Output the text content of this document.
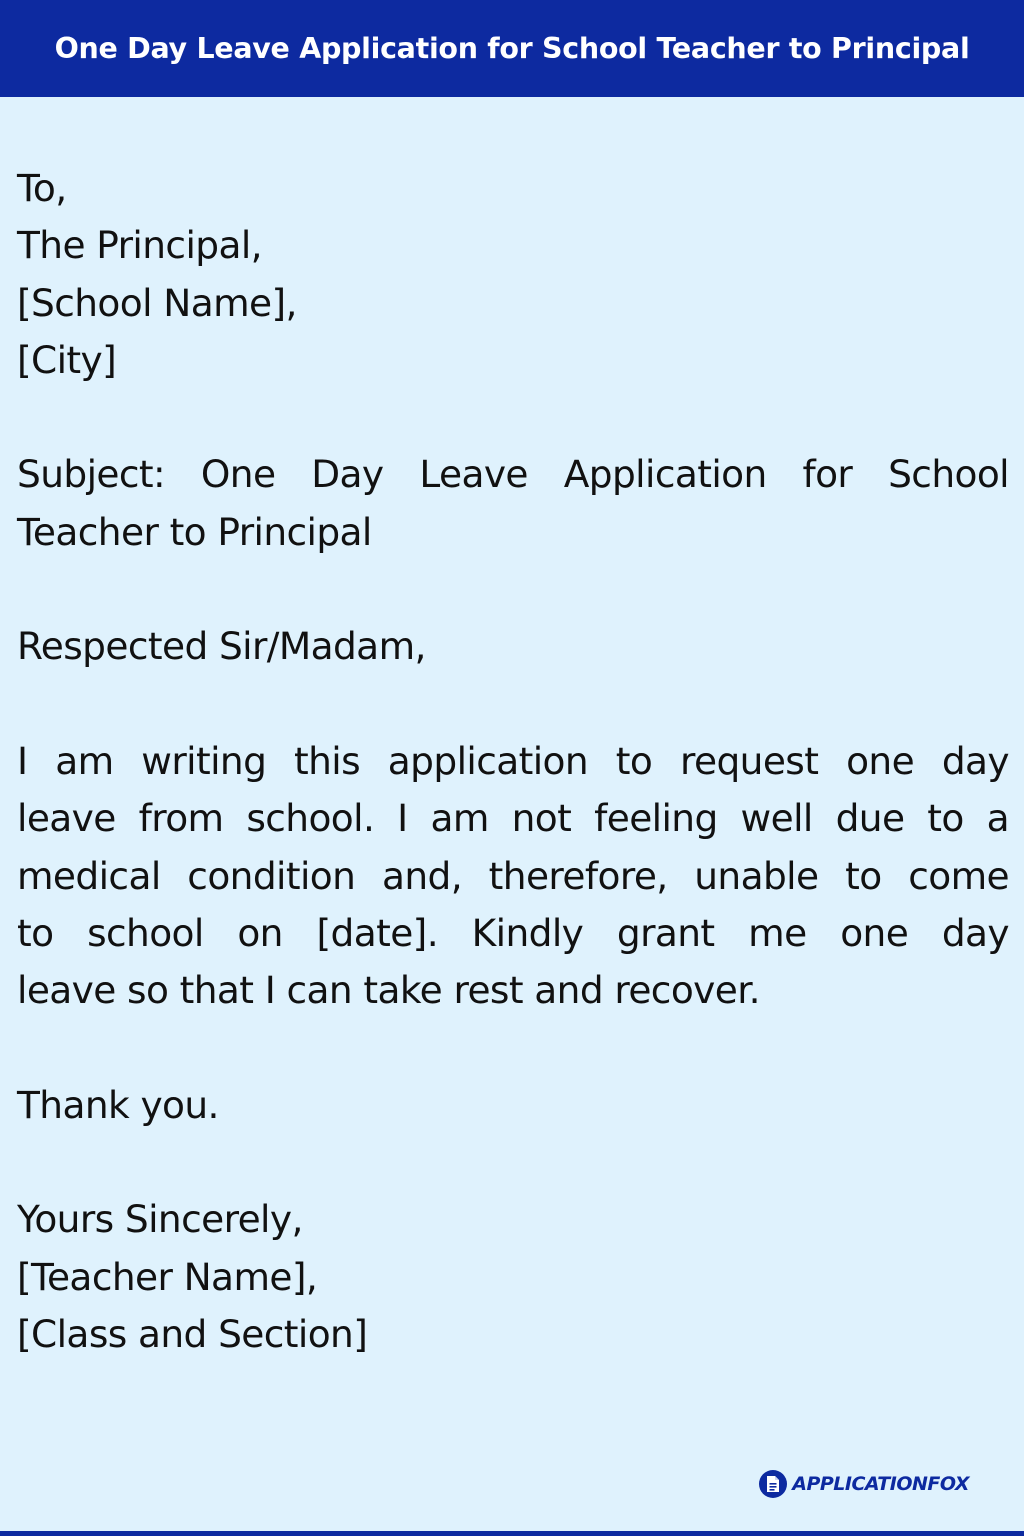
One Day Leave Application for School Teacher to Principal
To,
The Principal,
[School Name],
[City]
Subject: One Day Leave Application for School
Teacher to Principal
Respected Sir/Madam,
I am writing this application to request one day
leave from school. I am not feeling well due to a
medical condition and, therefore, unable to come
to school on [date]. Kindly grant me one day
leave so that I can take rest and recover.
Thank you.
Yours Sincerely,
[Teacher Name],
[Class and Section]
APPLICATIONFOX
